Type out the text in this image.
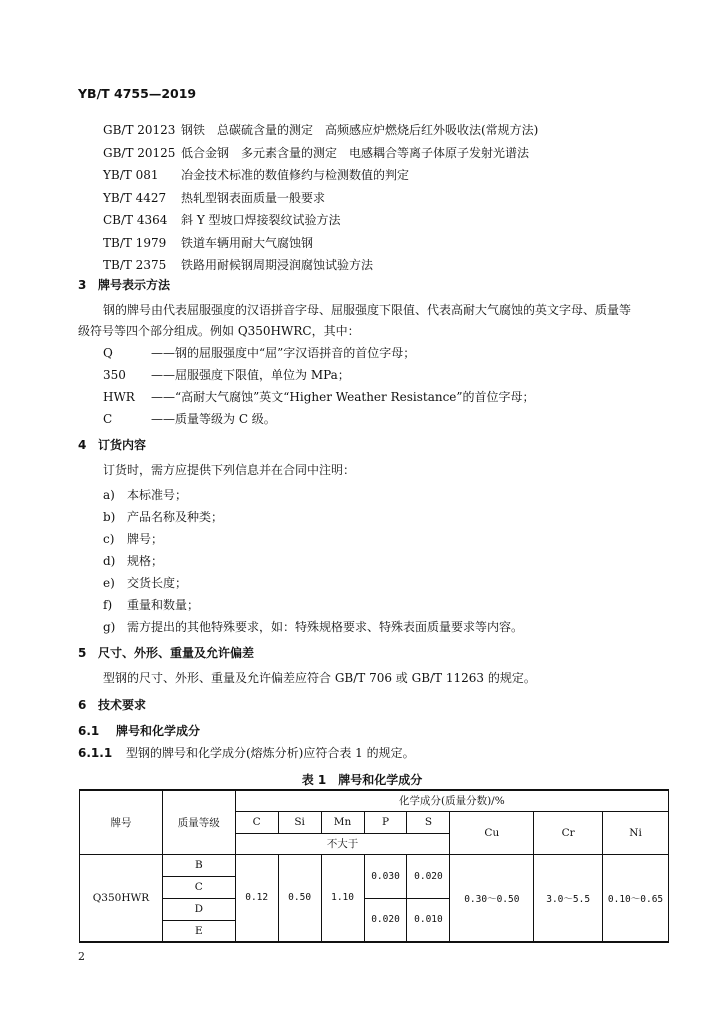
YB/T 4755—2019
GB/T 20123 钢铁　总碳硫含量的测定　高频感应炉燃烧后红外吸收法(常规方法)
GB/T 20125 低合金钢　多元素含量的测定　电感耦合等离子体原子发射光谱法
YB/T 081 冶金技术标准的数值修约与检测数值的判定
YB/T 4427 热轧型钢表面质量一般要求
CB/T 4364 斜 Y 型坡口焊接裂纹试验方法
TB/T 1979 铁道车辆用耐大气腐蚀钢
TB/T 2375 铁路用耐候钢周期浸润腐蚀试验方法
3 牌号表示方法
钢的牌号由代表屈服强度的汉语拼音字母、屈服强度下限值、代表高耐大气腐蚀的英文字母、质量等
级符号等四个部分组成。例如 Q350HWRC，其中：
Q	——钢的屈服强度中“屈”字汉语拼音的首位字母；
350 ——屈服强度下限值，单位为 MPa；
HWR ——“高耐大气腐蚀”英文“Higher Weather Resistance”的首位字母；
C	——质量等级为 C 级。
4 订货内容
订货时，需方应提供下列信息并在合同中注明：
a) 本标准号；
b) 产品名称及种类；
c) 牌号；
d) 规格；
e) 交货长度；
f) 重量和数量；
g) 需方提出的其他特殊要求，如：特殊规格要求、特殊表面质量要求等内容。
5 尺寸、外形、重量及允许偏差
型钢的尺寸、外形、重量及允许偏差应符合 GB/T 706 或 GB/T 11263 的规定。
6 技术要求
6.1 牌号和化学成分
6.1.1 型钢的牌号和化学成分(熔炼分析)应符合表 1 的规定。
表 1　牌号和化学成分
牌号	质量等级	化学成分(质量分数)/%							
		C	Si	Mn	P	S	Cu	Cr	Ni
		不大于							
Q350HWR	B	0.12	0.50	1.10	0.030	0.020	0.30～0.50	3.0～5.5	0.10～0.65
	C								
	D				0.020	0.010			
	E								
2
